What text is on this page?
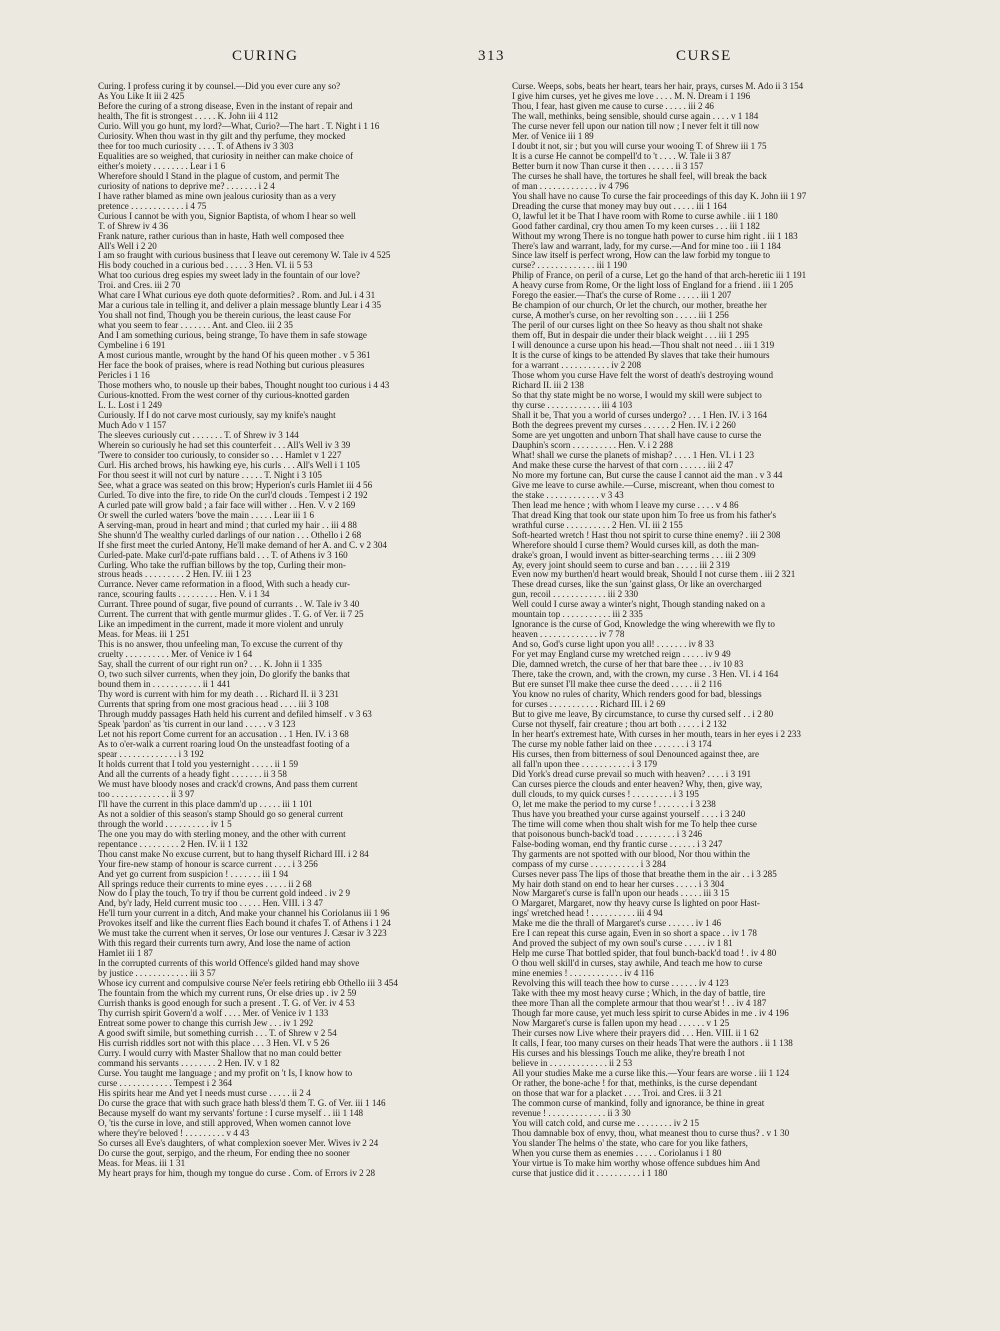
CURING	313	CURSE
Curing. I profess curing it by counsel.—Did you ever cure any so?
As You Like It iii 2 425
Before the curing of a strong disease, Even in the instant of repair and
health, The fit is strongest . . . . . K. John iii 4 112
Curio. Will you go hunt, my lord?—What, Curio?—The hart . T. Night i 1 16
Curiosity. When thou wast in thy gilt and thy perfume, they mocked
thee for too much curiosity . . . . T. of Athens iv 3 303
Equalities are so weighed, that curiosity in neither can make choice of
either's moiety . . . . . . . . Lear i 1 6
Wherefore should I Stand in the plague of custom, and permit The
curiosity of nations to deprive me? . . . . . . . i 2 4
I have rather blamed as mine own jealous curiosity than as a very
pretence . . . . . . . . . . . . i 4 75
Curious I cannot be with you, Signior Baptista, of whom I hear so well
T. of Shrew iv 4 36
Frank nature, rather curious than in haste, Hath well composed thee
All's Well i 2 20
I am so fraught with curious business that I leave out ceremony W. Tale iv 4 525
His body couched in a curious bed . . . . . 3 Hen. VI. ii 5 53
What too curious dreg espies my sweet lady in the fountain of our love?
Troi. and Cres. iii 2 70
What care I What curious eye doth quote deformities? . Rom. and Jul. i 4 31
Mar a curious tale in telling it, and deliver a plain message bluntly Lear i 4 35
You shall not find, Though you be therein curious, the least cause For
what you seem to fear . . . . . . . Ant. and Cleo. iii 2 35
And I am something curious, being strange, To have them in safe stowage
Cymbeline i 6 191
A most curious mantle, wrought by the hand Of his queen mother . v 5 361
Her face the book of praises, where is read Nothing but curious pleasures
Pericles i 1 16
Those mothers who, to nousle up their babes, Thought nought too curious i 4 43
Curious-knotted. From the west corner of thy curious-knotted garden
L. L. Lost i 1 249
Curiously. If I do not carve most curiously, say my knife's naught
Much Ado v 1 157
The sleeves curiously cut . . . . . . . T. of Shrew iv 3 144
Wherein so curiously he had set this counterfeit . . . All's Well iv 3 39
'Twere to consider too curiously, to consider so . . . Hamlet v 1 227
Curl. His arched brows, his hawking eye, his curls . . . All's Well i 1 105
For thou seest it will not curl by nature . . . . . T. Night i 3 105
See, what a grace was seated on this brow; Hyperion's curls Hamlet iii 4 56
Curled. To dive into the fire, to ride On the curl'd clouds . Tempest i 2 192
A curled pate will grow bald ; a fair face will wither . . Hen. V. v 2 169
Or swell the curled waters 'bove the main . . . . . Lear iii 1 6
A serving-man, proud in heart and mind ; that curled my hair . . iii 4 88
She shunn'd The wealthy curled darlings of our nation . . . Othello i 2 68
If she first meet the curled Antony, He'll make demand of her A. and C. v 2 304
Curled-pate. Make curl'd-pate ruffians bald . . . T. of Athens iv 3 160
Curling. Who take the ruffian billows by the top, Curling their mon-
strous heads . . . . . . . . . 2 Hen. IV. iii 1 23
Currance. Never came reformation in a flood, With such a heady cur-
rance, scouring faults . . . . . . . . . Hen. V. i 1 34
Currant. Three pound of sugar, five pound of currants . . W. Tale iv 3 40
Current. The current that with gentle murmur glides . T. G. of Ver. ii 7 25
Like an impediment in the current, made it more violent and unruly
Meas. for Meas. iii 1 251
This is no answer, thou unfeeling man, To excuse the current of thy
cruelty . . . . . . . . . . Mer. of Venice iv 1 64
Say, shall the current of our right run on? . . . K. John ii 1 335
O, two such silver currents, when they join, Do glorify the banks that
bound them in . . . . . . . . . . . ii 1 441
Thy word is current with him for my death . . . Richard II. ii 3 231
Currents that spring from one most gracious head . . . . iii 3 108
Through muddy passages Hath held his current and defiled himself . v 3 63
Speak 'pardon' as 'tis current in our land . . . . . v 3 123
Let not his report Come current for an accusation . . 1 Hen. IV. i 3 68
As to o'er-walk a current roaring loud On the unsteadfast footing of a
spear . . . . . . . . . . . . . i 3 192
It holds current that I told you yesternight . . . . . ii 1 59
And all the currents of a heady fight . . . . . . . ii 3 58
We must have bloody noses and crack'd crowns, And pass them current
too . . . . . . . . . . . . . ii 3 97
I'll have the current in this place damm'd up . . . . . iii 1 101
As not a soldier of this season's stamp Should go so general current
through the world . . . . . . . . . . iv 1 5
The one you may do with sterling money, and the other with current
repentance . . . . . . . . . 2 Hen. IV. ii 1 132
Thou canst make No excuse current, but to hang thyself Richard III. i 2 84
Your fire-new stamp of honour is scarce current . . . . i 3 256
And yet go current from suspicion ! . . . . . . . iii 1 94
All springs reduce their currents to mine eyes . . . . . ii 2 68
Now do I play the touch, To try if thou be current gold indeed . iv 2 9
And, by'r lady, Held current music too . . . . . Hen. VIII. i 3 47
He'll turn your current in a ditch, And make your channel his Coriolanus iii 1 96
Provokes itself and like the current flies Each bound it chafes T. of Athens i 1 24
We must take the current when it serves, Or lose our ventures J. Cæsar iv 3 223
With this regard their currents turn awry, And lose the name of action
Hamlet iii 1 87
In the corrupted currents of this world Offence's gilded hand may shove
by justice . . . . . . . . . . . . iii 3 57
Whose icy current and compulsive course Ne'er feels retiring ebb Othello iii 3 454
The fountain from the which my current runs, Or else dries up . iv 2 59
Currish thanks is good enough for such a present . T. G. of Ver. iv 4 53
Thy currish spirit Govern'd a wolf . . . . Mer. of Venice iv 1 133
Entreat some power to change this currish Jew . . . iv 1 292
A good swift simile, but something currish . . . T. of Shrew v 2 54
His currish riddles sort not with this place . . . 3 Hen. VI. v 5 26
Curry. I would curry with Master Shallow that no man could better
command his servants . . . . . . . . 2 Hen. IV. v 1 82
Curse. You taught me language ; and my profit on 't Is, I know how to
curse . . . . . . . . . . . . Tempest i 2 364
His spirits hear me And yet I needs must curse . . . . . ii 2 4
Do curse the grace that with such grace hath bless'd them T. G. of Ver. iii 1 146
Because myself do want my servants' fortune : I curse myself . . iii 1 148
O, 'tis the curse in love, and still approved, When women cannot love
where they're beloved ! . . . . . . . . . v 4 43
So curses all Eve's daughters, of what complexion soever Mer. Wives iv 2 24
Do curse the gout, serpigo, and the rheum, For ending thee no sooner
Meas. for Meas. iii 1 31
My heart prays for him, though my tongue do curse . Com. of Errors iv 2 28
Curse. Weeps, sobs, beats her heart, tears her hair, prays, curses M. Ado ii 3 154
I give him curses, yet he gives me love . . . . M. N. Dream i 1 196
Thou, I fear, hast given me cause to curse . . . . . iii 2 46
The wall, methinks, being sensible, should curse again . . . . v 1 184
The curse never fell upon our nation till now ; I never felt it till now
Mer. of Venice iii 1 89
I doubt it not, sir ; but you will curse your wooing T. of Shrew iii 1 75
It is a curse He cannot be compell'd to 't . . . . W. Tale ii 3 87
Better burn it now Than curse it then . . . . . . ii 3 157
The curses he shall have, the tortures he shall feel, will break the back
of man . . . . . . . . . . . . . iv 4 796
You shall have no cause To curse the fair proceedings of this day K. John iii 1 97
Dreading the curse that money may buy out . . . . . iii 1 164
O, lawful let it be That I have room with Rome to curse awhile . iii 1 180
Good father cardinal, cry thou amen To my keen curses . . . iii 1 182
Without my wrong There is no tongue hath power to curse him right . iii 1 183
There's law and warrant, lady, for my curse.—And for mine too . iii 1 184
Since law itself is perfect wrong, How can the law forbid my tongue to
curse? . . . . . . . . . . . . . iii 1 190
Philip of France, on peril of a curse, Let go the hand of that arch-heretic iii 1 191
A heavy curse from Rome, Or the light loss of England for a friend . iii 1 205
Forego the easier.—That's the curse of Rome . . . . . iii 1 207
Be champion of our church, Or let the church, our mother, breathe her
curse, A mother's curse, on her revolting son . . . . . iii 1 256
The peril of our curses light on thee So heavy as thou shalt not shake
them off, But in despair die under their black weight . . . iii 1 295
I will denounce a curse upon his head.—Thou shalt not need . . iii 1 319
It is the curse of kings to be attended By slaves that take their humours
for a warrant . . . . . . . . . . . iv 2 208
Those whom you curse Have felt the worst of death's destroying wound
Richard II. iii 2 138
So that thy state might be no worse, I would my skill were subject to
thy curse . . . . . . . . . . . . iii 4 103
Shall it be, That you a world of curses undergo? . . . 1 Hen. IV. i 3 164
Both the degrees prevent my curses . . . . . . 2 Hen. IV. i 2 260
Some are yet ungotten and unborn That shall have cause to curse the
Dauphin's scorn . . . . . . . . . . Hen. V. i 2 288
What! shall we curse the planets of mishap? . . . . 1 Hen. VI. i 1 23
And make these curse the harvest of that corn . . . . . . iii 2 47
No more my fortune can, But curse the cause I cannot aid the man . v 3 44
Give me leave to curse awhile.—Curse, miscreant, when thou comest to
the stake . . . . . . . . . . . . v 3 43
Then lead me hence ; with whom I leave my curse . . . . v 4 86
That dread King that took our state upon him To free us from his father's
wrathful curse . . . . . . . . . . 2 Hen. VI. iii 2 155
Soft-hearted wretch ! Hast thou not spirit to curse thine enemy? . iii 2 308
Wherefore should I curse them? Would curses kill, as doth the man-
drake's groan, I would invent as bitter-searching terms . . . iii 2 309
Ay, every joint should seem to curse and ban . . . . . iii 2 319
Even now my burthen'd heart would break, Should I not curse them . iii 2 321
These dread curses, like the sun 'gainst glass, Or like an overcharged
gun, recoil . . . . . . . . . . . . iii 2 330
Well could I curse away a winter's night, Though standing naked on a
mountain top . . . . . . . . . . . iii 2 335
Ignorance is the curse of God, Knowledge the wing wherewith we fly to
heaven . . . . . . . . . . . . . iv 7 78
And so, God's curse light upon you all! . . . . . . . iv 8 33
For yet may England curse my wretched reign . . . . . iv 9 49
Die, damned wretch, the curse of her that bare thee . . . iv 10 83
There, take the crown, and, with the crown, my curse . 3 Hen. VI. i 4 164
But ere sunset I'll make thee curse the deed . . . . . ii 2 116
You know no rules of charity, Which renders good for bad, blessings
for curses . . . . . . . . . . . Richard III. i 2 69
But to give me leave, By circumstance, to curse thy cursed self . . i 2 80
Curse not thyself, fair creature ; thou art both . . . . . i 2 132
In her heart's extremest hate, With curses in her mouth, tears in her eyes i 2 233
The curse my noble father laid on thee . . . . . . . i 3 174
His curses, then from bitterness of soul Denounced against thee, are
all fall'n upon thee . . . . . . . . . . . i 3 179
Did York's dread curse prevail so much with heaven? . . . . i 3 191
Can curses pierce the clouds and enter heaven? Why, then, give way,
dull clouds, to my quick curses ! . . . . . . . . . i 3 195
O, let me make the period to my curse ! . . . . . . . i 3 238
Thus have you breathed your curse against yourself . . . . i 3 240
The time will come when thou shalt wish for me To help thee curse
that poisonous bunch-back'd toad . . . . . . . . . i 3 246
False-boding woman, end thy frantic curse . . . . . . i 3 247
Thy garments are not spotted with our blood, Nor thou within the
compass of my curse . . . . . . . . . . . i 3 284
Curses never pass The lips of those that breathe them in the air . . i 3 285
My hair doth stand on end to hear her curses . . . . . i 3 304
Now Margaret's curse is fall'n upon our heads . . . . . iii 3 15
O Margaret, Margaret, now thy heavy curse Is lighted on poor Hast-
ings' wretched head ! . . . . . . . . . . iii 4 94
Make me die the thrall of Margaret's curse . . . . . . iv 1 46
Ere I can repeat this curse again, Even in so short a space . . iv 1 78
And proved the subject of my own soul's curse . . . . . iv 1 81
Help me curse That bottled spider, that foul bunch-back'd toad ! . iv 4 80
O thou well skill'd in curses, stay awhile, And teach me how to curse
mine enemies ! . . . . . . . . . . . . iv 4 116
Revolving this will teach thee how to curse . . . . . . iv 4 123
Take with thee my most heavy curse ; Which, in the day of battle, tire
thee more Than all the complete armour that thou wear'st ! . . iv 4 187
Though far more cause, yet much less spirit to curse Abides in me . iv 4 196
Now Margaret's curse is fallen upon my head . . . . . . v 1 25
Their curses now Live where their prayers did . . . Hen. VIII. ii 1 62
It calls, I fear, too many curses on their heads That were the authors . ii 1 138
His curses and his blessings Touch me alike, they're breath I not
believe in . . . . . . . . . . . . . ii 2 53
All your studies Make me a curse like this.—Your fears are worse . iii 1 124
Or rather, the bone-ache ! for that, methinks, is the curse dependant
on those that war for a placket . . . . Troi. and Cres. ii 3 21
The common curse of mankind, folly and ignorance, be thine in great
revenue ! . . . . . . . . . . . . . ii 3 30
You will catch cold, and curse me . . . . . . . . iv 2 15
Thou damnable box of envy, thou, what meanest thou to curse thus? . v 1 30
You slander The helms o' the state, who care for you like fathers,
When you curse them as enemies . . . . . Coriolanus i 1 80
Your virtue is To make him worthy whose offence subdues him And
curse that justice did it . . . . . . . . . . i 1 180
